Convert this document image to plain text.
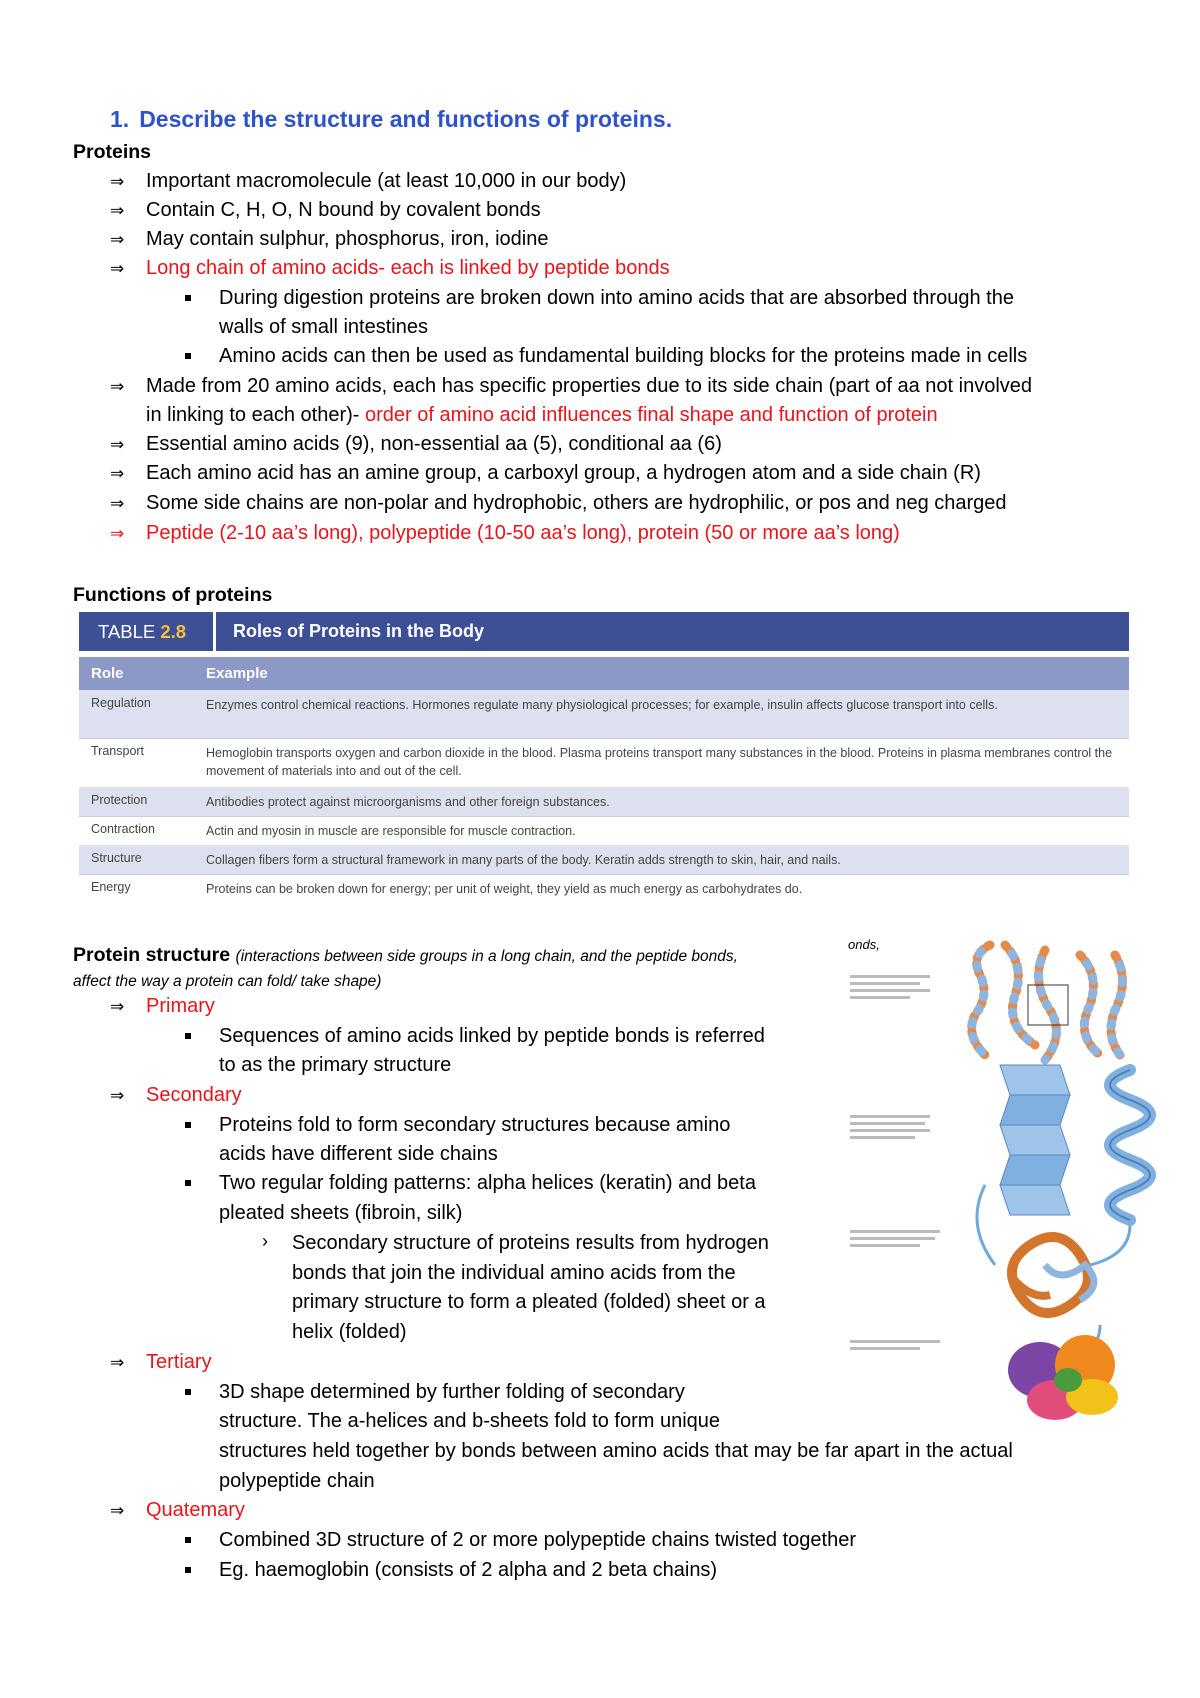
1. Describe the structure and functions of proteins.
Proteins
⇒ Important macromolecule (at least 10,000 in our body)
⇒ Contain C, H, O, N bound by covalent bonds
⇒ May contain sulphur, phosphorus, iron, iodine
⇒ Long chain of amino acids- each is linked by peptide bonds
During digestion proteins are broken down into amino acids that are absorbed through the
walls of small intestines
Amino acids can then be used as fundamental building blocks for the proteins made in cells
⇒ Made from 20 amino acids, each has specific properties due to its side chain (part of aa not involved
in linking to each other)- order of amino acid influences final shape and function of protein
⇒ Essential amino acids (9), non-essential aa (5), conditional aa (6)
⇒ Each amino acid has an amine group, a carboxyl group, a hydrogen atom and a side chain (R)
⇒ Some side chains are non-polar and hydrophobic, others are hydrophilic, or pos and neg charged
⇒ Peptide (2-10 aa’s long), polypeptide (10-50 aa’s long), protein (50 or more aa’s long)
Functions of proteins
TABLE 2.8	Roles of Proteins in the Body
Role	Example
Regulation	Enzymes control chemical reactions. Hormones regulate many physiological processes; for example, insulin affects glucose transport into cells.
Transport	Hemoglobin transports oxygen and carbon dioxide in the blood. Plasma proteins transport many substances in the blood. Proteins in plasma membranes control the movement of materials into and out of the cell.
Protection	Antibodies protect against microorganisms and other foreign substances.
Contraction	Actin and myosin in muscle are responsible for muscle contraction.
Structure	Collagen fibers form a structural framework in many parts of the body. Keratin adds strength to skin, hair, and nails.
Energy	Proteins can be broken down for energy; per unit of weight, they yield as much energy as carbohydrates do.
Protein structure (interactions between side groups in a long chain, and the peptide bonds,
affect the way a protein can fold/ take shape)
⇒ Primary
Sequences of amino acids linked by peptide bonds is referred
to as the primary structure
⇒ Secondary
Proteins fold to form secondary structures because amino
acids have different side chains
Two regular folding patterns: alpha helices (keratin) and beta
pleated sheets (fibroin, silk)
› Secondary structure of proteins results from hydrogen
bonds that join the individual amino acids from the
primary structure to form a pleated (folded) sheet or a
helix (folded)
⇒ Tertiary
3D shape determined by further folding of secondary
structure. The a-helices and b-sheets fold to form unique
structures held together by bonds between amino acids that may be far apart in the actual
polypeptide chain
⇒ Quatemary
Combined 3D structure of 2 or more polypeptide chains twisted together
Eg. haemoglobin (consists of 2 alpha and 2 beta chains)
onds,
